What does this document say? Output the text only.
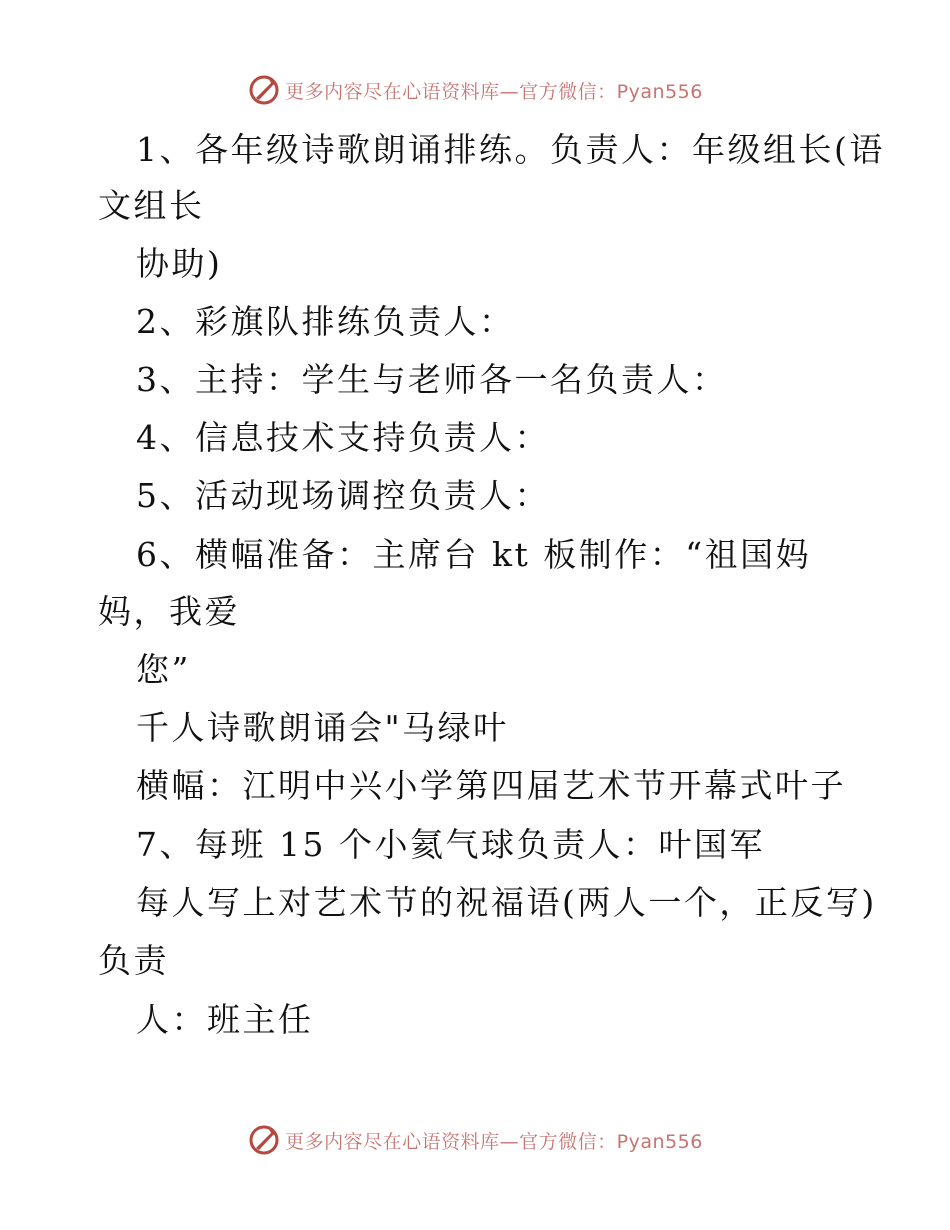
更多内容尽在心语资料库—官方微信：Pyan556
1、各年级诗歌朗诵排练。负责人：年级组长(语
文组长
协助)
2、彩旗队排练负责人：
3、主持：学生与老师各一名负责人：
4、信息技术支持负责人：
5、活动现场调控负责人：
6、横幅准备：主席台 kt 板制作：“祖国妈
妈，我爱
您”
千人诗歌朗诵会"马绿叶
横幅：江明中兴小学第四届艺术节开幕式叶子
7、每班 15 个小氦气球负责人：叶国军
每人写上对艺术节的祝福语(两人一个，正反写)
负责
人：班主任
更多内容尽在心语资料库—官方微信：Pyan556
